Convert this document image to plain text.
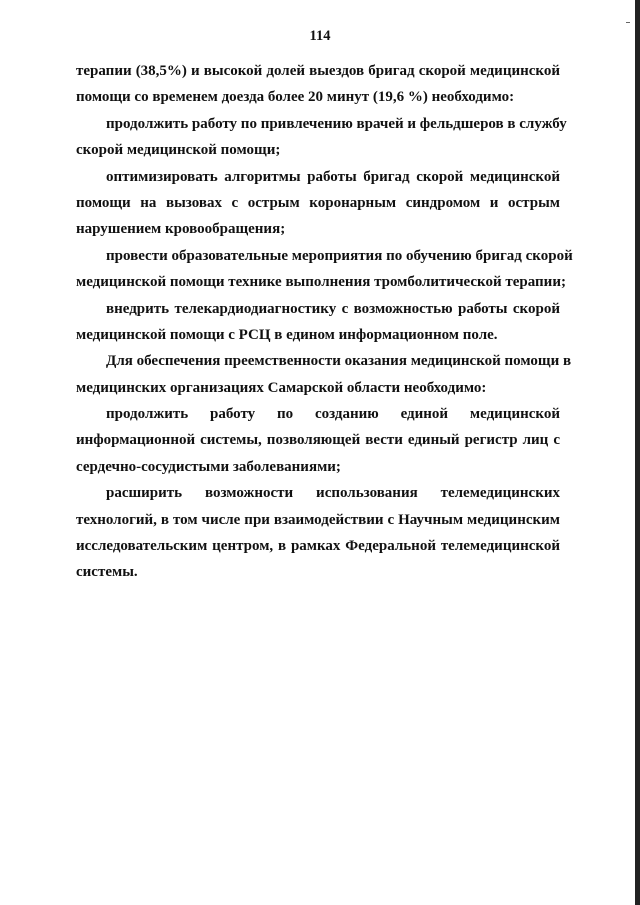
114
терапии (38,5%) и высокой долей выездов бригад скорой медицинской
помощи со временем доезда более 20 минут (19,6 %) необходимо:
продолжить работу по привлечению врачей и фельдшеров в службу
скорой медицинской помощи;
оптимизировать алгоритмы работы бригад скорой медицинской
помощи на вызовах с острым коронарным синдромом и острым
нарушением кровообращения;
провести образовательные мероприятия по обучению бригад скорой
медицинской помощи технике выполнения тромболитической терапии;
внедрить телекардиодиагностику с возможностью работы скорой
медицинской помощи с РСЦ в едином информационном поле.
Для обеспечения преемственности оказания медицинской помощи в
медицинских организациях Самарской области необходимо:
продолжить работу по созданию единой медицинской
информационной системы, позволяющей вести единый регистр лиц с
сердечно-сосудистыми заболеваниями;
расширить возможности использования телемедицинских
технологий, в том числе при взаимодействии с Научным медицинским
исследовательским центром, в рамках Федеральной телемедицинской
системы.
